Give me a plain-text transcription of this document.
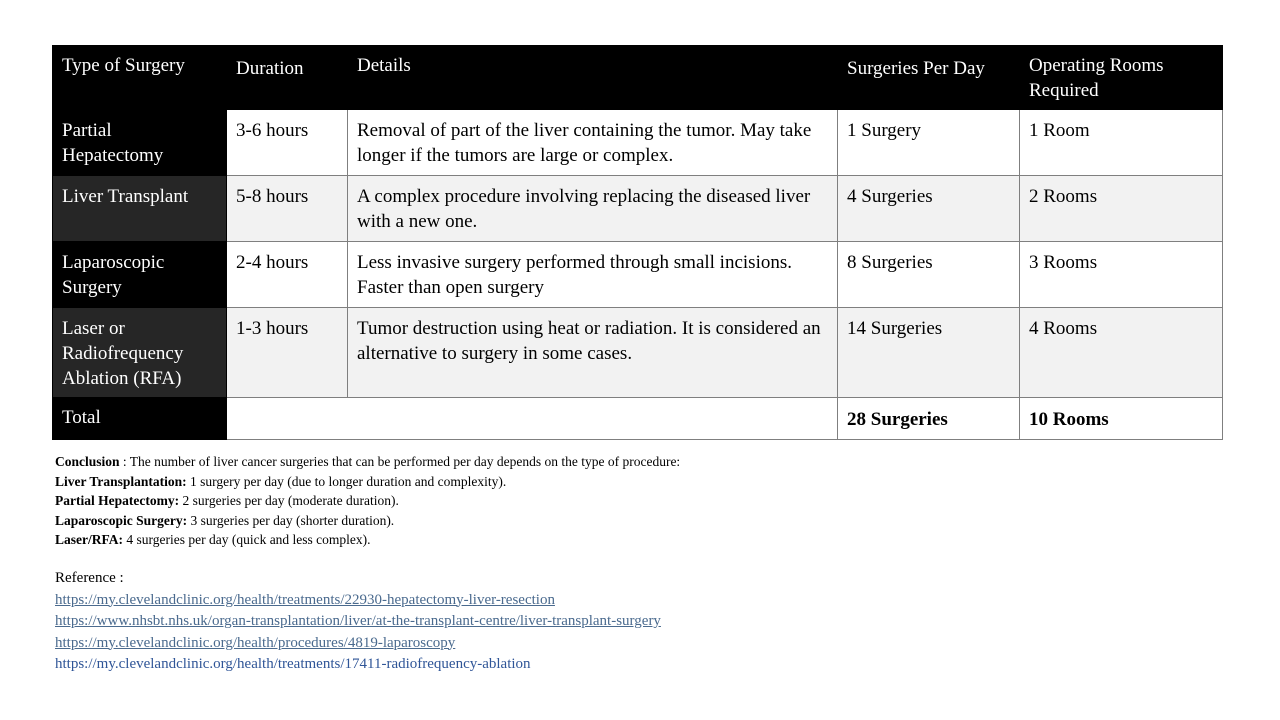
Type of Surgery	Duration	Details	Surgeries Per Day	Operating Rooms Required
Partial Hepatectomy	3-6 hours	Removal of part of the liver containing the tumor. May take longer if the tumors are large or complex.	1 Surgery	1 Room
Liver Transplant	5-8 hours	A complex procedure involving replacing the diseased liver with a new one.	4 Surgeries	2 Rooms
Laparoscopic Surgery	2-4 hours	Less invasive surgery performed through small incisions. Faster than open surgery	8 Surgeries	3 Rooms
Laser or Radiofrequency Ablation (RFA)	1-3 hours	Tumor destruction using heat or radiation. It is considered an alternative to surgery in some cases.	14 Surgeries	4 Rooms
Total			28 Surgeries	10 Rooms

Conclusion : The number of liver cancer surgeries that can be performed per day depends on the type of procedure:

Liver Transplantation: 1 surgery per day (due to longer duration and complexity).

Partial Hepatectomy: 2 surgeries per day (moderate duration).

Laparoscopic Surgery: 3 surgeries per day (shorter duration).

Laser/RFA: 4 surgeries per day (quick and less complex).

Reference :

https://my.clevelandclinic.org/health/treatments/22930-hepatectomy-liver-resection
https://www.nhsbt.nhs.uk/organ-transplantation/liver/at-the-transplant-centre/liver-transplant-surgery
https://my.clevelandclinic.org/health/procedures/4819-laparoscopy
https://my.clevelandclinic.org/health/treatments/17411-radiofrequency-ablation
